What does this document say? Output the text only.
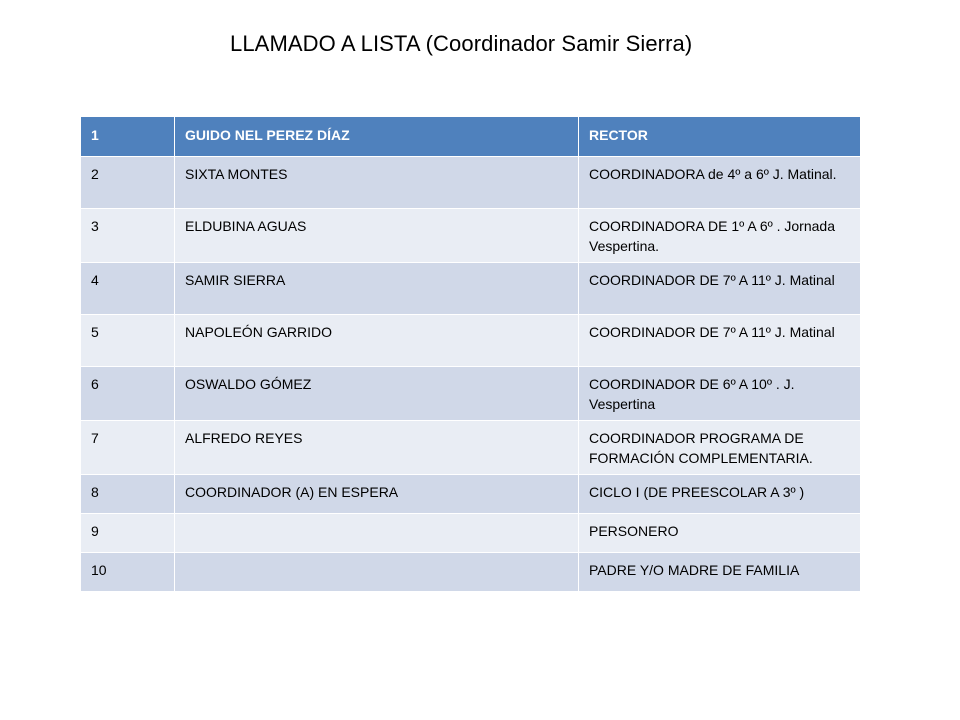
LLAMADO A LISTA (Coordinador Samir Sierra)
1	GUIDO NEL PEREZ DÍAZ	RECTOR
2	SIXTA MONTES	COORDINADORA de 4º a 6º J. Matinal.
3	ELDUBINA AGUAS	COORDINADORA DE 1º A 6º . Jornada Vespertina.
4	SAMIR SIERRA	COORDINADOR DE 7º A 11º J. Matinal
5	NAPOLEÓN GARRIDO	COORDINADOR DE 7º A 11º J. Matinal
6	OSWALDO GÓMEZ	COORDINADOR DE 6º A 10º . J. Vespertina
7	ALFREDO REYES	COORDINADOR PROGRAMA DE FORMACIÓN COMPLEMENTARIA.
8	COORDINADOR (A) EN ESPERA	CICLO I (DE PREESCOLAR A 3º )
9		PERSONERO
10		PADRE Y/O MADRE DE FAMILIA
